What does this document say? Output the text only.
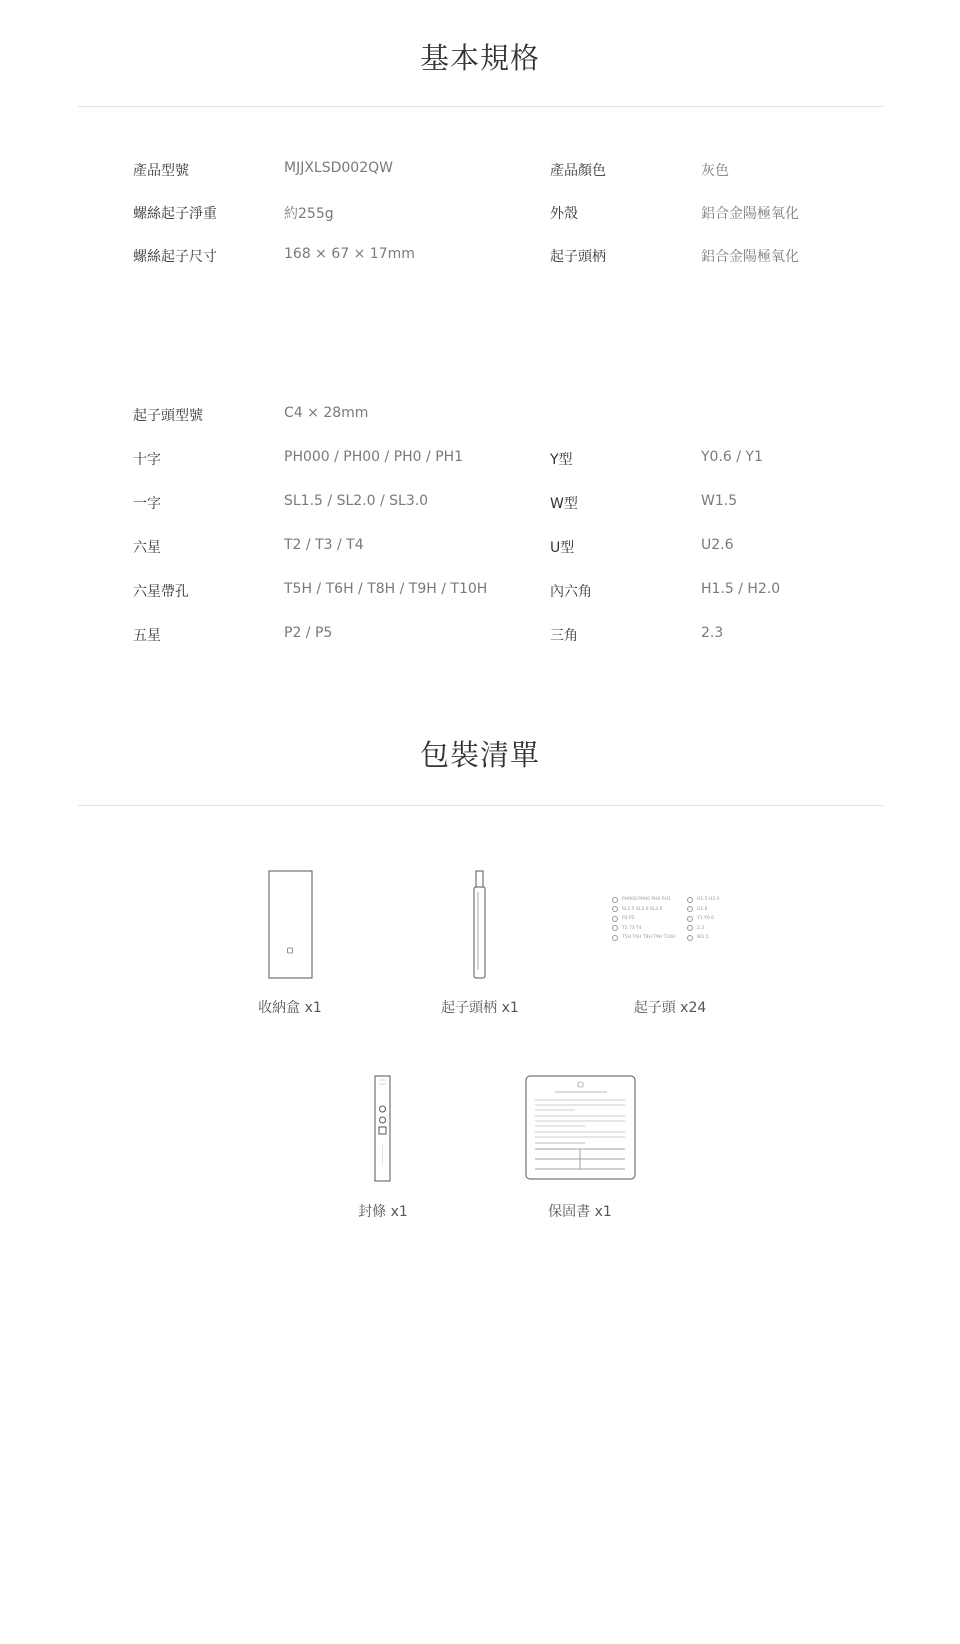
基本規格
產品型號	MJJXLSD002QW	產品顏色	灰色
螺絲起子淨重	約255g	外殼	鋁合金陽極氧化
螺絲起子尺寸	168 × 67 × 17mm	起子頭柄	鋁合金陽極氧化
起子頭型號	C4 × 28mm
十字	PH000 / PH00 / PH0 / PH1	Y型	Y0.6 / Y1
一字	SL1.5 / SL2.0 / SL3.0	W型	W1.5
六星	T2 / T3 / T4	U型	U2.6
六星帶孔	T5H / T6H / T8H / T9H / T10H	內六角	H1.5 / H2.0
五星	P2 / P5	三角	2.3
包裝清單
收納盒 x1	起子頭柄 x1
PH000 PH00 PH0 PH1
SL1.5 SL2.0 SL3.0
P2 P5
T2 T3 T4
T5H T6H T8H T9H T10H
H1.5 H2.0
U2.6
Y1 Y0.6
2.3
W1.5
起子頭 x24
封條 x1	保固書 x1
